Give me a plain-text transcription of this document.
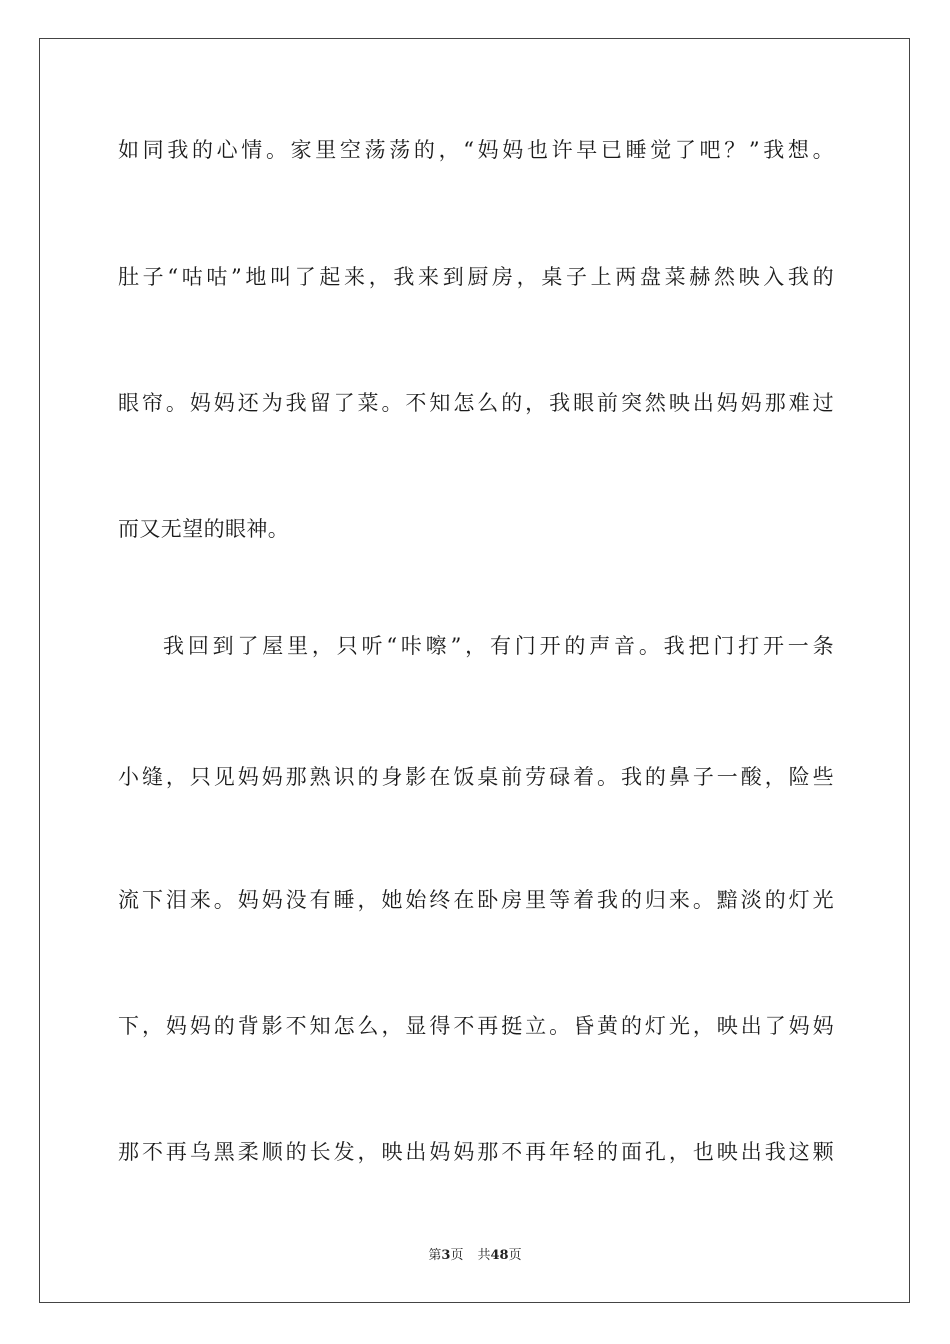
如同我的心情。家里空荡荡的，“妈妈也许早已睡觉了吧？”我想。
肚子“咕咕”地叫了起来，我来到厨房，桌子上两盘菜赫然映入我的
眼帘。妈妈还为我留了菜。不知怎么的，我眼前突然映出妈妈那难过
而又无望的眼神。
我回到了屋里，只听“咔嚓”，有门开的声音。我把门打开一条
小缝，只见妈妈那熟识的身影在饭桌前劳碌着。我的鼻子一酸，险些
流下泪来。妈妈没有睡，她始终在卧房里等着我的归来。黯淡的灯光
下，妈妈的背影不知怎么，显得不再挺立。昏黄的灯光，映出了妈妈
那不再乌黑柔顺的长发，映出妈妈那不再年轻的面孔，也映出我这颗
第3页 共48页
